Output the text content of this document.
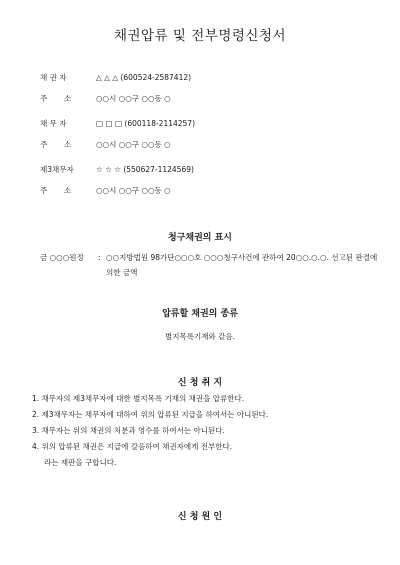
채권압류 및 전부명령신청서
채 권 자	△ △ △ (600524-2587412)
주       소	○○시 ○○구 ○○동 ○
채 무 자	□ □ □ (600118-2114257)
주       소	○○시 ○○구 ○○동 ○
제3채무자	☆ ☆ ☆ (550627-1124569)
주       소	○○시 ○○구 ○○동 ○
청구채권의 표시
금 ○○○원정	: ○○지방법원 98가단○○○호 ○○○청구사건에 관하여 20○○.○.○. 선고된 판결에 의한 금액
압류할 채권의 종류
별지목록기재와 같음.
신 청 취 지
1. 채무자의 제3채무자에 대한 별지목록 기재의 채권을 압류한다.
2. 제3채무자는 채무자에 대하여 위의 압류된 지급을 하여서는 아니된다.
3. 채무자는 위의 채권의 처분과 영수를 하여서는 아니된다.
4. 위의 압류된 채권은 지급에 갈음하여 채권자에게 전부한다.
라는 재판을 구합니다.
신 청 원 인
